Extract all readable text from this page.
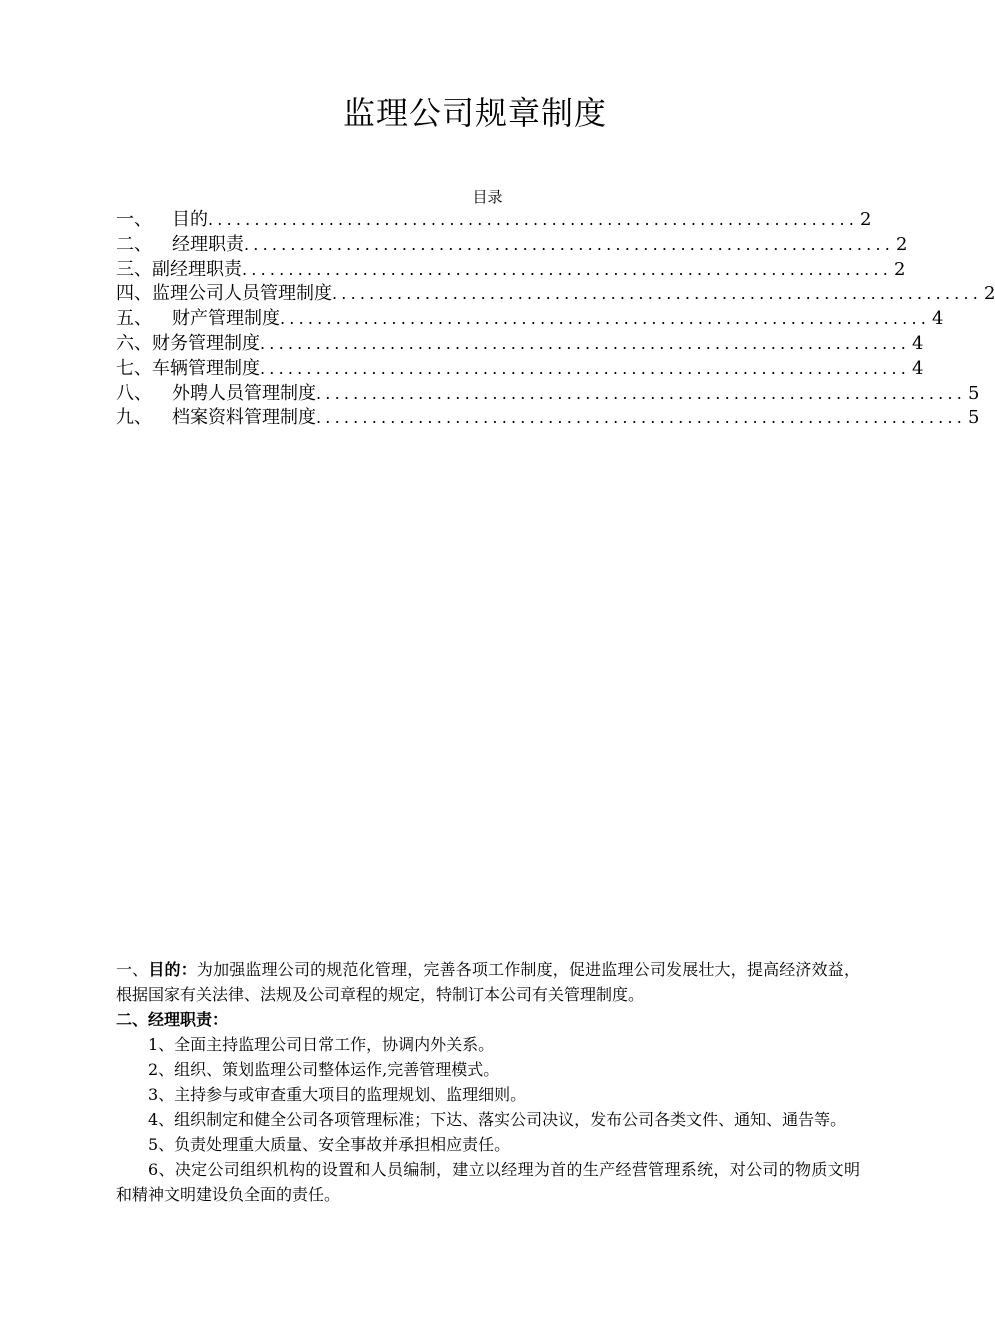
监理公司规章制度
目录
一、	目的 ...................................................................... 2
二、	经理职责 ...................................................................... 2
三、 副经理职责 ...................................................................... 2
四、 监理公司人员管理制度 ...................................................................... 2
五、	财产管理制度 ...................................................................... 4
六、 财务管理制度 ...................................................................... 4
七、 车辆管理制度 ...................................................................... 4
八、	外聘人员管理制度 ...................................................................... 5
九、	档案资料管理制度 ...................................................................... 5

一、目的：为加强监理公司的规范化管理，完善各项工作制度，促进监理公司发展壮大，提高经济效益，根据国家有关法律、法规及公司章程的规定，特制订本公司有关管理制度。

二、经理职责：

1、全面主持监理公司日常工作，协调内外关系。

2、组织、策划监理公司整体运作,完善管理模式。

3、主持参与或审查重大项目的监理规划、监理细则。

4、组织制定和健全公司各项管理标准；下达、落实公司决议，发布公司各类文件、通知、通告等。

5、负责处理重大质量、安全事故并承担相应责任。

6、决定公司组织机构的设置和人员编制，建立以经理为首的生产经营管理系统，对公司的物质文明和精神文明建设负全面的责任。
